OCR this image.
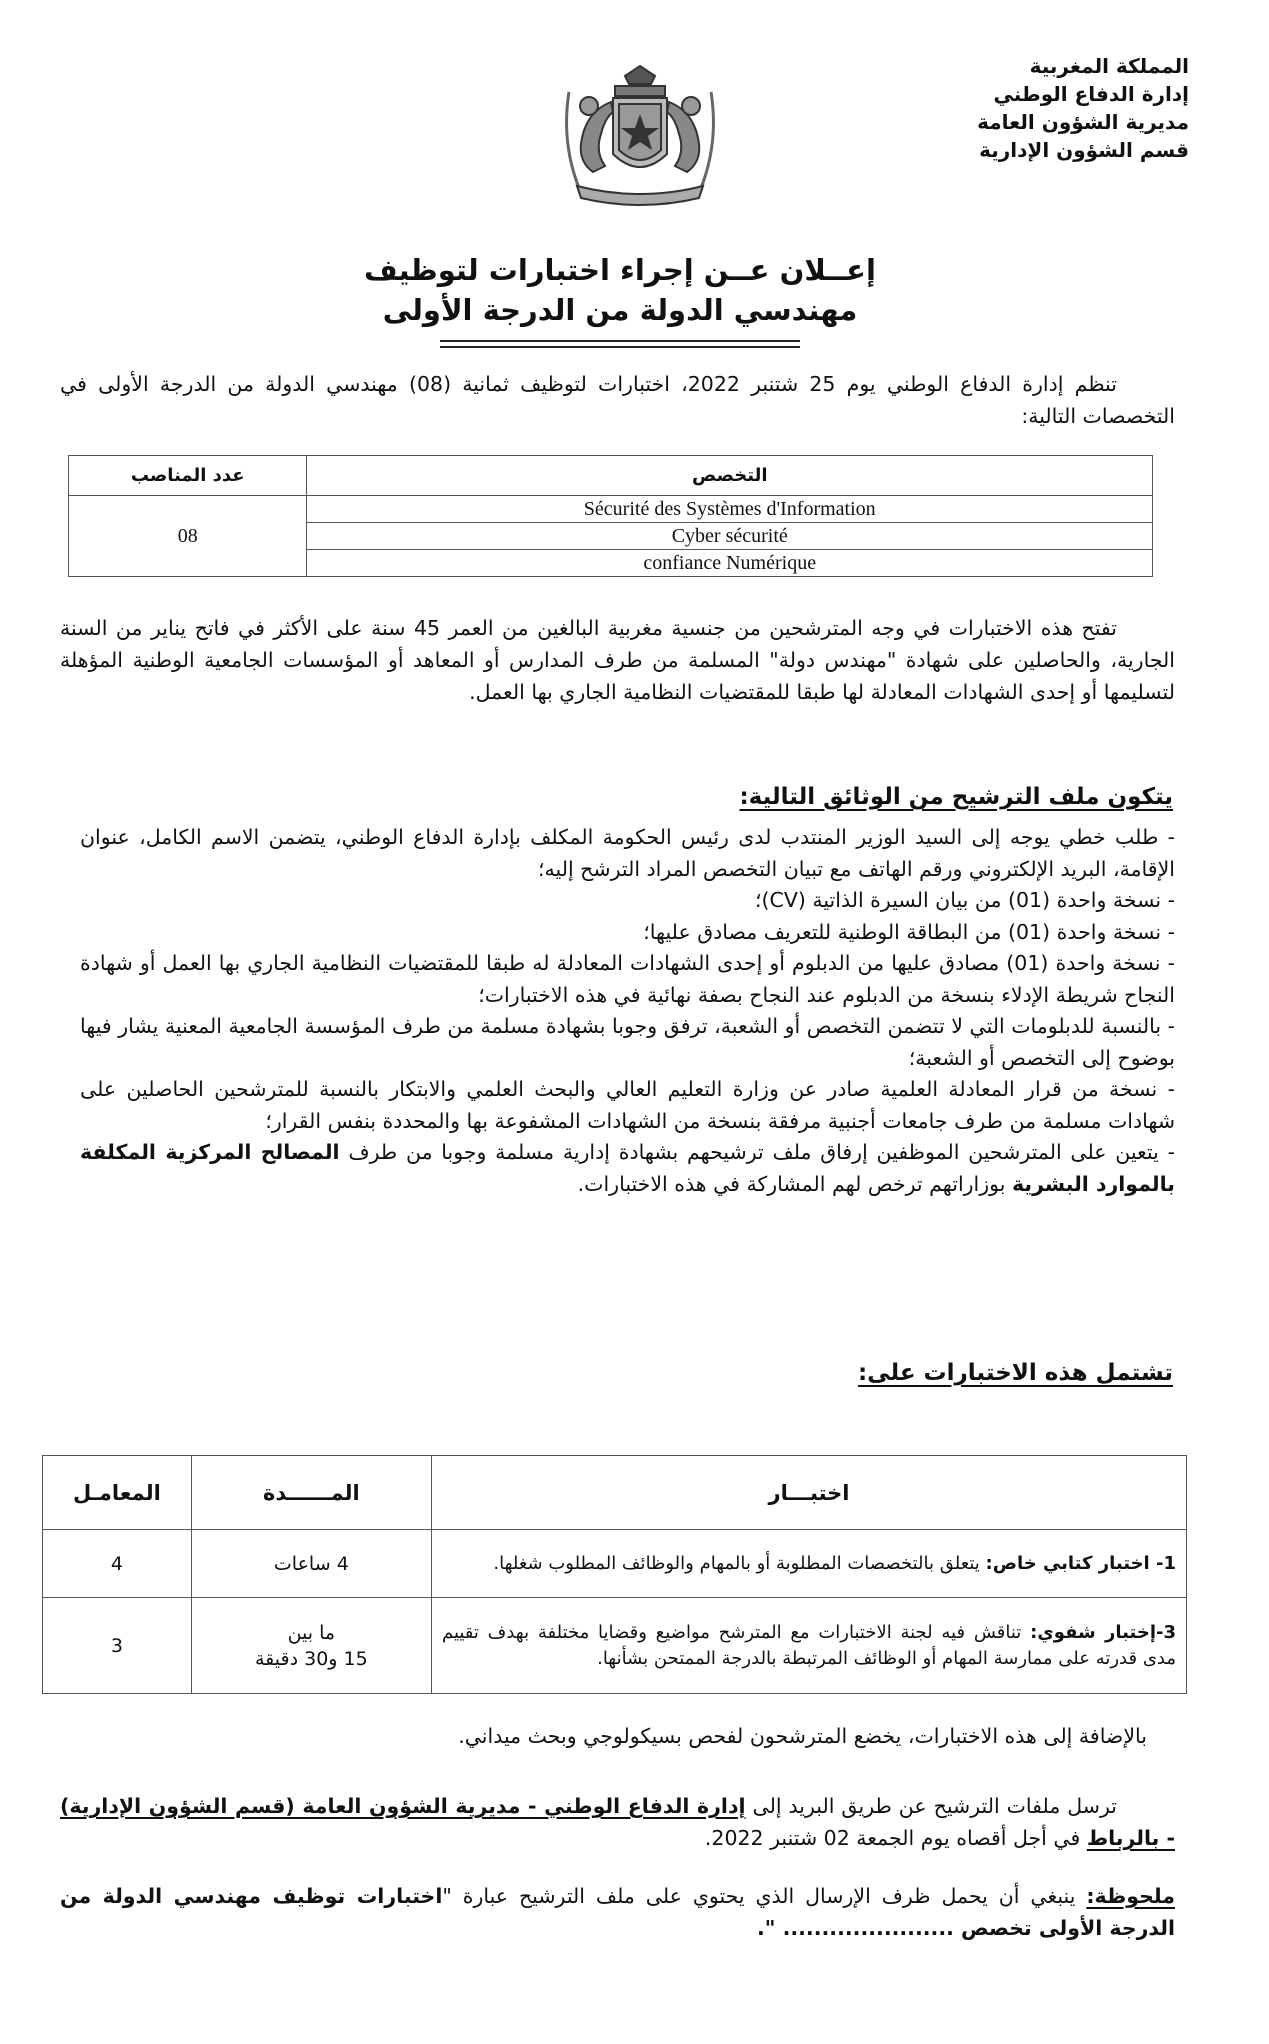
المملكة المغربية
إدارة الدفاع الوطني
مديرية الشؤون العامة
قسم الشؤون الإدارية
إعــلان عــن إجراء اختبارات لتوظيف
مهندسي الدولة من الدرجة الأولى

تنظم إدارة الدفاع الوطني يوم 25 شتنبر 2022، اختبارات لتوظيف ثمانية (08) مهندسي الدولة من الدرجة الأولى في التخصصات التالية:

التخصص	عدد المناصب
Sécurité des Systèmes d'Information	08
Cyber sécurité	
confiance Numérique	

تفتح هذه الاختبارات في وجه المترشحين من جنسية مغربية البالغين من العمر 45 سنة على الأكثر في فاتح يناير من السنة الجارية، والحاصلين على شهادة "مهندس دولة" المسلمة من طرف المدارس أو المعاهد أو المؤسسات الجامعية الوطنية المؤهلة لتسليمها أو إحدى الشهادات المعادلة لها طبقا للمقتضيات النظامية الجاري بها العمل.

يتكون ملف الترشيح من الوثائق التالية:

- طلب خطي يوجه إلى السيد الوزير المنتدب لدى رئيس الحكومة المكلف بإدارة الدفاع الوطني، يتضمن الاسم الكامل، عنوان الإقامة، البريد الإلكتروني ورقم الهاتف مع تبيان التخصص المراد الترشح إليه؛

- نسخة واحدة (01) من بيان السيرة الذاتية (CV)؛

- نسخة واحدة (01) من البطاقة الوطنية للتعريف مصادق عليها؛

- نسخة واحدة (01) مصادق عليها من الدبلوم أو إحدى الشهادات المعادلة له طبقا للمقتضيات النظامية الجاري بها العمل أو شهادة النجاح شريطة الإدلاء بنسخة من الدبلوم عند النجاح بصفة نهائية في هذه الاختبارات؛

- بالنسبة للدبلومات التي لا تتضمن التخصص أو الشعبة، ترفق وجوبا بشهادة مسلمة من طرف المؤسسة الجامعية المعنية يشار فيها بوضوح إلى التخصص أو الشعبة؛

- نسخة من قرار المعادلة العلمية صادر عن وزارة التعليم العالي والبحث العلمي والابتكار بالنسبة للمترشحين الحاصلين على شهادات مسلمة من طرف جامعات أجنبية مرفقة بنسخة من الشهادات المشفوعة بها والمحددة بنفس القرار؛

- يتعين على المترشحين الموظفين إرفاق ملف ترشيحهم بشهادة إدارية مسلمة وجوبا من طرف المصالح المركزية المكلفة بالموارد البشرية بوزاراتهم ترخص لهم المشاركة في هذه الاختبارات.

تشتمل هذه الاختبارات على:
اختبـــار	المــــــدة	المعامـل
1- اختبار كتابي خاص: يتعلق بالتخصصات المطلوبة أو بالمهام والوظائف المطلوب شغلها.	4 ساعات	4
3-إختبار شفوي: تناقش فيه لجنة الاختبارات مع المترشح مواضيع وقضايا مختلفة بهدف تقييم مدى قدرته على ممارسة المهام أو الوظائف المرتبطة بالدرجة الممتحن بشأنها.	ما بين
15 و30 دقيقة	3

بالإضافة إلى هذه الاختبارات، يخضع المترشحون لفحص بسيكولوجي وبحث ميداني.

ترسل ملفات الترشيح عن طريق البريد إلى إدارة الدفاع الوطني - مديرية الشؤون العامة (قسم الشؤون الإدارية) - بالرباط في أجل أقصاه يوم الجمعة 02 شتنبر 2022.

ملحوظة: ينبغي أن يحمل ظرف الإرسال الذي يحتوي على ملف الترشيح عبارة "اختبارات توظيف مهندسي الدولة من الدرجة الأولى تخصص ...................... ".
